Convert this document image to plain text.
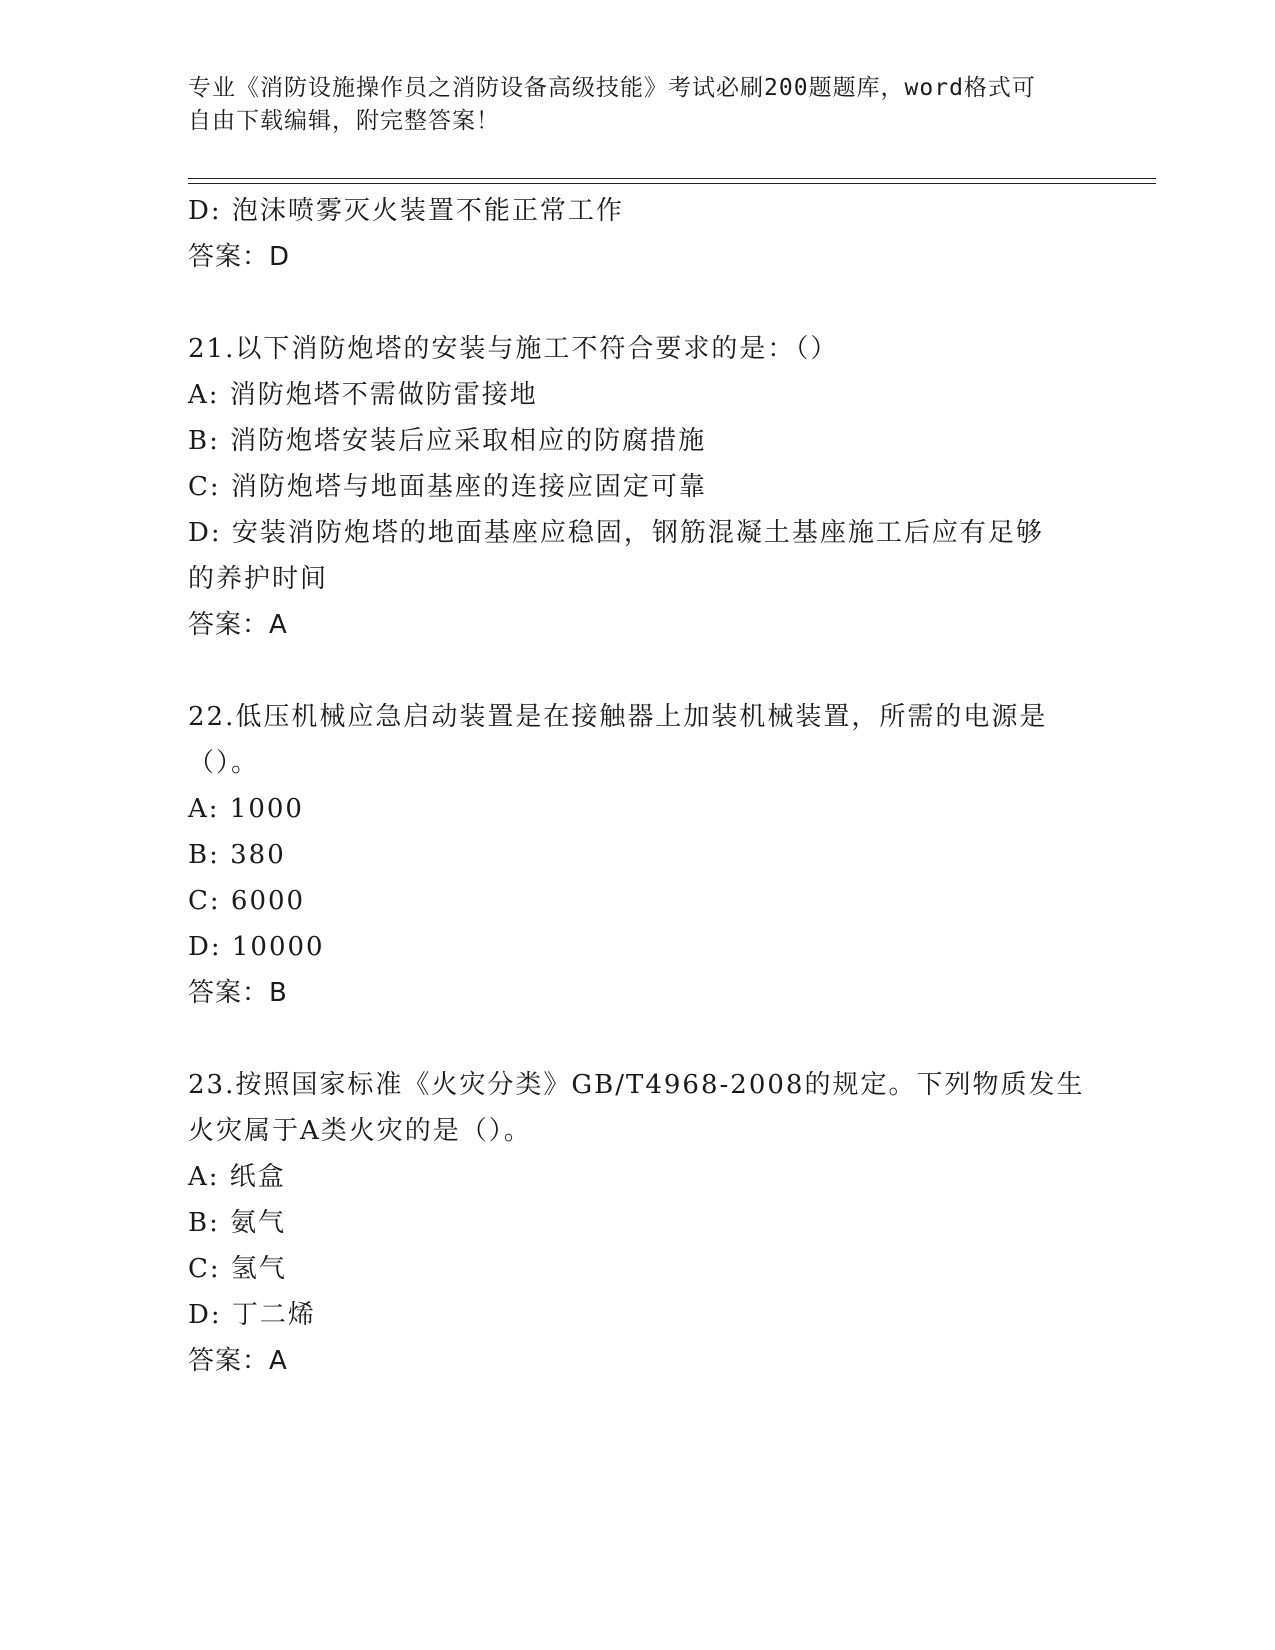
专业《消防设施操作员之消防设备高级技能》考试必刷200题题库，word格式可
自由下载编辑，附完整答案！
D: 泡沫喷雾灭火装置不能正常工作
答案：D
21.以下消防炮塔的安装与施工不符合要求的是：（）
A: 消防炮塔不需做防雷接地
B: 消防炮塔安装后应采取相应的防腐措施
C: 消防炮塔与地面基座的连接应固定可靠
D: 安装消防炮塔的地面基座应稳固，钢筋混凝土基座施工后应有足够
的养护时间
答案：A
22.低压机械应急启动装置是在接触器上加装机械装置，所需的电源是
（）。
A: 1000
B: 380
C: 6000
D: 10000
答案：B
23.按照国家标准《火灾分类》GB/T4968-2008的规定。下列物质发生
火灾属于A类火灾的是（）。
A: 纸盒
B: 氨气
C: 氢气
D: 丁二烯
答案：A
